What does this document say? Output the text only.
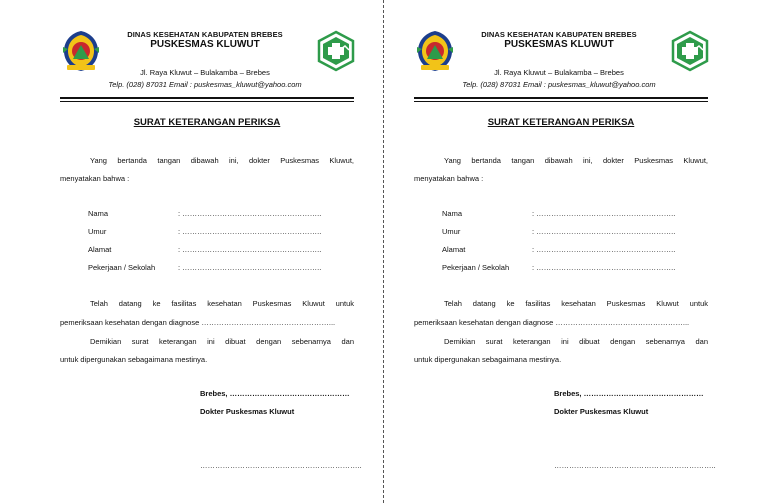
DINAS KESEHATAN KABUPATEN BREBES
PUSKESMAS KLUWUT
Jl. Raya Kluwut – Bulakamba – Brebes
Telp. (028) 87031 Email : puskesmas_kluwut@yahoo.com
SURAT KETERANGAN PERIKSA
Yang bertanda tangan dibawah ini, dokter Puskesmas Kluwut,
menyatakan bahwa :
Nama	: ………………………………………………..
Umur	: ………………………………………………..
Alamat	: ………………………………………………..
Pekerjaan / Sekolah	: ………………………………………………..
Telah datang ke fasilitas kesehatan Puskesmas Kluwut untuk
pemeriksaan kesehatan dengan diagnose ……………………………………………...
Demikian surat keterangan ini dibuat dengan sebenarnya dan
untuk dipergunakan sebagaimana mestinya.
Brebes, …………………………………………
Dokter Puskesmas Kluwut
………………………………………………………..
DINAS KESEHATAN KABUPATEN BREBES
PUSKESMAS KLUWUT
Jl. Raya Kluwut – Bulakamba – Brebes
Telp. (028) 87031 Email : puskesmas_kluwut@yahoo.com
SURAT KETERANGAN PERIKSA
Yang bertanda tangan dibawah ini, dokter Puskesmas Kluwut,
menyatakan bahwa :
Nama	: ………………………………………………..
Umur	: ………………………………………………..
Alamat	: ………………………………………………..
Pekerjaan / Sekolah	: ………………………………………………..
Telah datang ke fasilitas kesehatan Puskesmas Kluwut untuk
pemeriksaan kesehatan dengan diagnose ……………………………………………...
Demikian surat keterangan ini dibuat dengan sebenarnya dan
untuk dipergunakan sebagaimana mestinya.
Brebes, …………………………………………
Dokter Puskesmas Kluwut
………………………………………………………..
